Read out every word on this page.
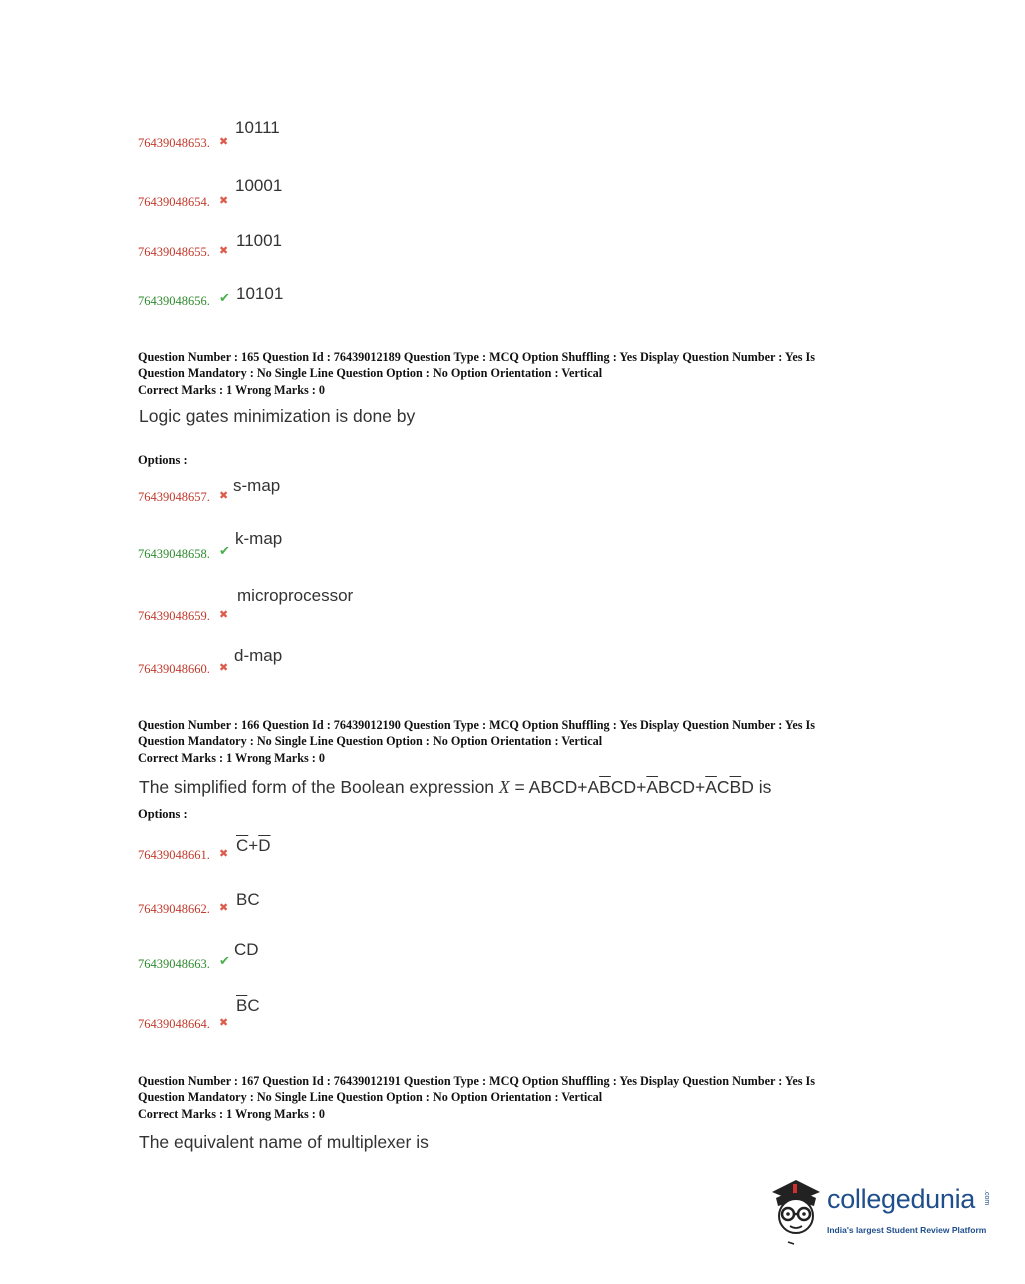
76439048653. ✖
10111
76439048654. ✖
10001
76439048655. ✖
11001
76439048656. ✔ 10101
Question Number : 165 Question Id : 76439012189 Question Type : MCQ Option Shuffling : Yes Display Question Number : Yes Is
Question Mandatory : No Single Line Question Option : No Option Orientation : Vertical
Correct Marks : 1 Wrong Marks : 0
Logic gates minimization is done by
Options :
76439048657. ✖
s-map
76439048658. ✔
k-map
76439048659. ✖
microprocessor
76439048660. ✖
d-map
Question Number : 166 Question Id : 76439012190 Question Type : MCQ Option Shuffling : Yes Display Question Number : Yes Is
Question Mandatory : No Single Line Question Option : No Option Orientation : Vertical
Correct Marks : 1 Wrong Marks : 0
The simplified form of the Boolean expression $X = ABCD+A\overline{B}CD+\overline{A}BCD+\overline{A}C\overline{B}D$ is
Options :
76439048661. ✖ $\overline{C}+\overline{D}$
76439048662. ✖ BC
76439048663. ✔
CD
76439048664. ✖
$\overline{B}C$
Question Number : 167 Question Id : 76439012191 Question Type : MCQ Option Shuffling : Yes Display Question Number : Yes Is
Question Mandatory : No Single Line Question Option : No Option Orientation : Vertical
Correct Marks : 1 Wrong Marks : 0
The equivalent name of multiplexer is
collegedunia .com
India's largest Student Review Platform
